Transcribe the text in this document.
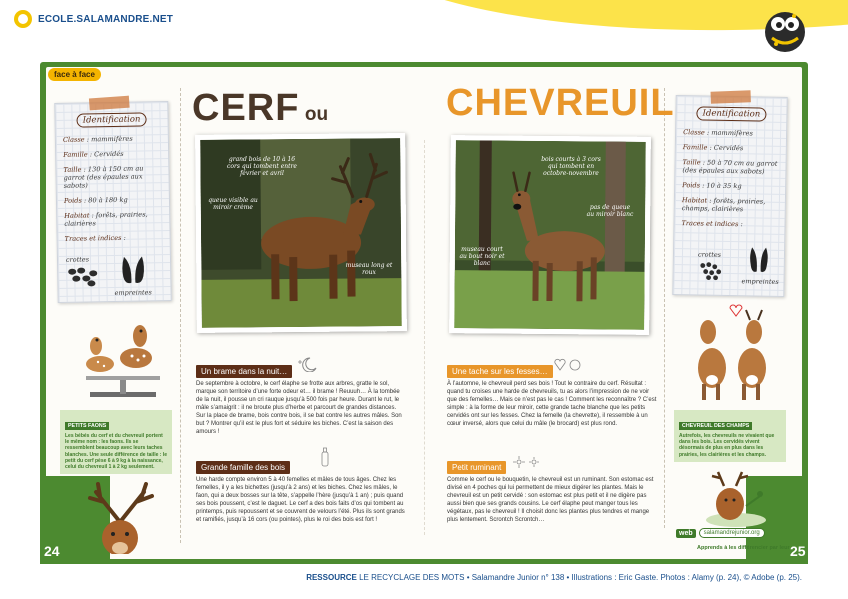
ECOLE.SALAMANDRE.NET
face à face
Identification
Classe : mammifères
Famille : Cervidés
Taille : 130 à 150 cm au garrot (des épaules aux sabots)
Poids : 80 à 180 kg
Habitat : forêts, prairies, clairières
Traces et indices :
crottes
empreintes
PETITS FAONS
Les bébés du cerf et du chevreuil portent le même nom : les faons. Ils se ressemblent beaucoup avec leurs taches blanches. Une seule différence de taille : le petit du cerf pèse 6 à 9 kg à la naissance, celui du chevreuil 1 à 2 kg seulement.
24
CERF ou	CHEVREUIL
grand bois de 10 à 16 cors qui tombent entre février et avril
queue visible au miroir crème
museau long et roux
bois courts à 3 cors qui tombent en octobre-novembre
pas de queue au miroir blanc
museau court au bout noir et blanc
Un brame dans la nuit…
De septembre à octobre, le cerf élaphe se frotte aux arbres, gratte le sol, marque son territoire d’une forte odeur et… il brame ! Reuuuh… À la tombée de la nuit, il pousse un cri rauque jusqu’à 500 fois par heure. Durant le rut, le mâle s’amaigrit : il ne broute plus d’herbe et parcourt de grandes distances. Sur la place de brame, bois contre bois, il se bat contre les autres mâles. Son but ? Montrer qu’il est le plus fort et séduire les biches. C’est la saison des amours !
Grande famille des bois
Une harde compte environ 5 à 40 femelles et mâles de tous âges. Chez les femelles, il y a les bichettes (jusqu’à 2 ans) et les biches. Chez les mâles, le faon, qui a deux bosses sur la tête, s’appelle l’hère (jusqu’à 1 an) ; puis quand ses bois poussent, c’est le daguet. Le cerf a des bois faits d’os qui tombent au printemps, puis repoussent et se couvrent de velours l’été. Plus ils sont grands et ramifiés, jusqu’à 16 cors (ou pointes), plus le roi des bois est fort !
Une tache sur les fesses…
À l’automne, le chevreuil perd ses bois ! Tout le contraire du cerf. Résultat : quand tu croises une harde de chevreuils, tu as alors l’impression de ne voir que des femelles… Mais ce n’est pas le cas ! Comment les reconnaître ? C’est simple : à la forme de leur miroir, cette grande tache blanche que les petits cervidés ont sur les fesses. Chez la femelle (la chevrette), il ressemble à un cœur inversé, alors que celui du mâle (le brocard) est plus rond.
Petit ruminant
Comme le cerf ou le bouquetin, le chevreuil est un ruminant. Son estomac est divisé en 4 poches qui lui permettent de mieux digérer les plantes. Mais le chevreuil est un petit cervidé : son estomac est plus petit et il ne digère pas aussi bien que ses grands cousins. Le cerf élaphe peut manger tous les végétaux, pas le chevreuil ! Il choisit donc les plantes plus tendres et mange plus lentement. Scrontch Scrontch…
Identification
Classe : mammifères
Famille : Cervidés
Taille : 50 à 70 cm au garrot (des épaules aux sabots)
Poids : 10 à 35 kg
Habitat : forêts, prairies, champs, clairières
Traces et indices :
crottes
empreintes
CHEVREUIL DES CHAMPS
Autrefois, les chevreuils ne vivaient que dans les bois. Les cervidés vivent désormais de plus en plus dans les prairies, les clairières et les champs.
web	salamandrejunior.org
Apprends à les différencier par leur…
25
RESSOURCE LE RECYCLAGE DES MOTS • Salamandre Junior n° 138 • Illustrations : Eric Gaste. Photos : Alamy (p. 24), © Adobe (p. 25).
